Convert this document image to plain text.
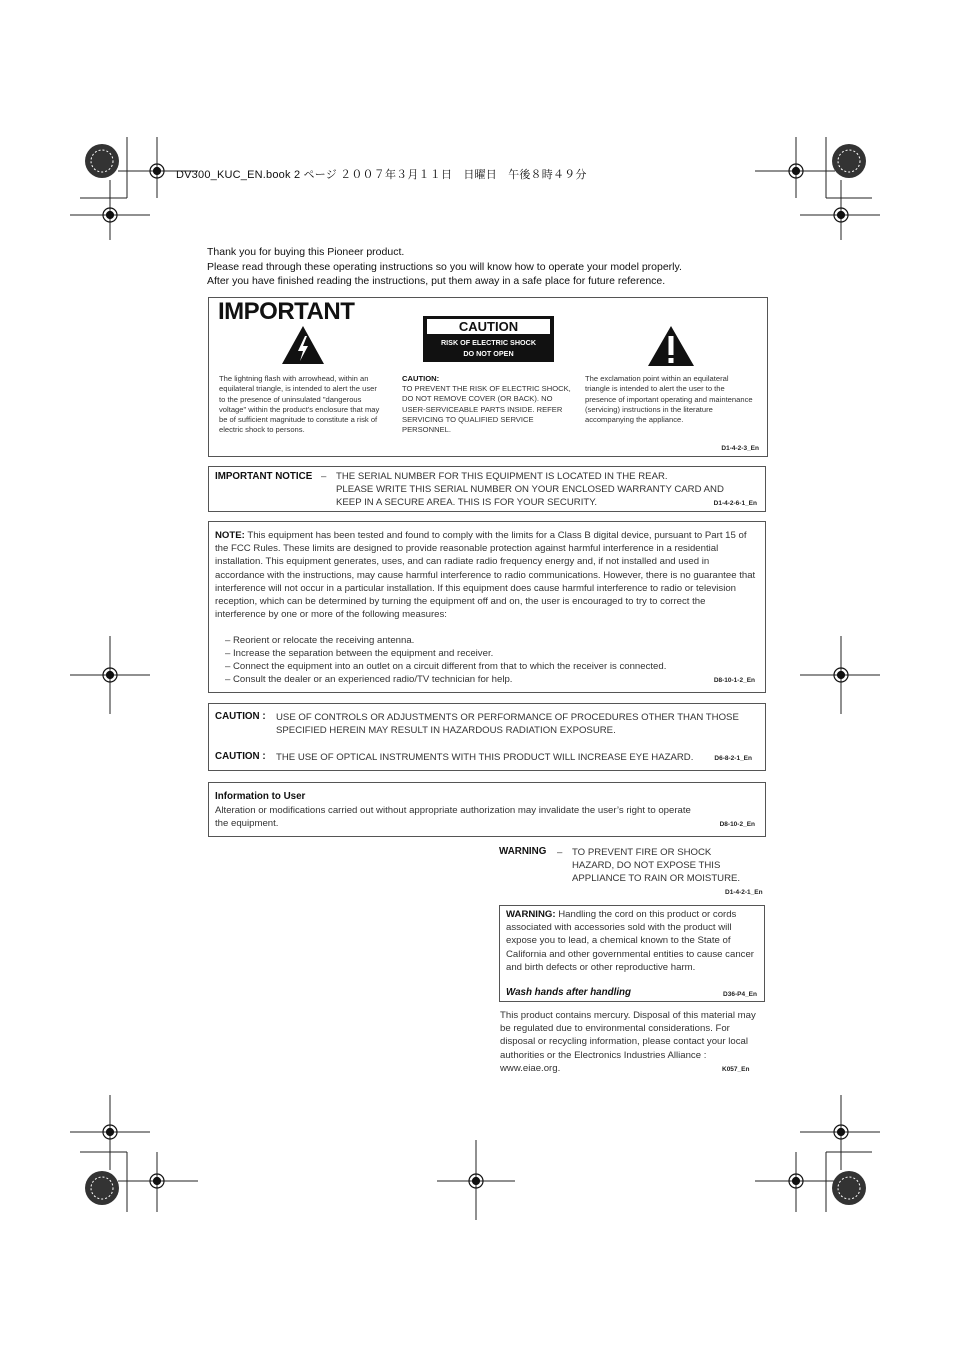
DV300_KUC_EN.book 2 ページ ２００７年３月１１日　日曜日　午後８時４９分
Thank you for buying this Pioneer product.
Please read through these operating instructions so you will know how to operate your model properly.
After you have finished reading the instructions, put them away in a safe place for future reference.
IMPORTANT
CAUTION
RISK OF ELECTRIC SHOCK
DO NOT OPEN
The lightning flash with arrowhead, within an equilateral triangle, is intended to alert the user to the presence of uninsulated "dangerous voltage" within the product's enclosure that may be of sufficient magnitude to constitute a risk of electric shock to persons.
CAUTION:
TO PREVENT THE RISK OF ELECTRIC SHOCK, DO NOT REMOVE COVER (OR BACK). NO USER-SERVICEABLE PARTS INSIDE. REFER SERVICING TO QUALIFIED SERVICE PERSONNEL.
The exclamation point within an equilateral triangle is intended to alert the user to the presence of important operating and maintenance (servicing) instructions in the literature accompanying the appliance.
D1-4-2-3_En
IMPORTANT NOTICE – THE SERIAL NUMBER FOR THIS EQUIPMENT IS LOCATED IN THE REAR.
PLEASE WRITE THIS SERIAL NUMBER ON YOUR ENCLOSED WARRANTY CARD AND
KEEP IN A SECURE AREA. THIS IS FOR YOUR SECURITY.	D1-4-2-6-1_En
NOTE: This equipment has been tested and found to comply with the limits for a Class B digital device, pursuant to Part 15 of the FCC Rules. These limits are designed to provide reasonable protection against harmful interference in a residential installation. This equipment generates, uses, and can radiate radio frequency energy and, if not installed and used in accordance with the instructions, may cause harmful interference to radio communications. However, there is no guarantee that interference will not occur in a particular installation. If this equipment does cause harmful interference to radio or television reception, which can be determined by turning the equipment off and on, the user is encouraged to try to correct the interference by one or more of the following measures:
– Reorient or relocate the receiving antenna.
– Increase the separation between the equipment and receiver.
– Connect the equipment into an outlet on a circuit different from that to which the receiver is connected.
– Consult the dealer or an experienced radio/TV technician for help.	D8-10-1-2_En
CAUTION : USE OF CONTROLS OR ADJUSTMENTS OR PERFORMANCE OF PROCEDURES OTHER THAN THOSE
SPECIFIED HEREIN MAY RESULT IN HAZARDOUS RADIATION EXPOSURE.
CAUTION : THE USE OF OPTICAL INSTRUMENTS WITH THIS PRODUCT WILL INCREASE EYE HAZARD.	D6-8-2-1_En
Information to User
Alteration or modifications carried out without appropriate authorization may invalidate the user’s right to operate
the equipment.	D8-10-2_En
WARNING – TO PREVENT FIRE OR SHOCK
HAZARD, DO NOT EXPOSE THIS
APPLIANCE TO RAIN OR MOISTURE.
D1-4-2-1_En
WARNING: Handling the cord on this product or cords associated with accessories sold with the product will expose you to lead, a chemical known to the State of California and other governmental entities to cause cancer and birth defects or other reproductive harm.
Wash hands after handling	D36-P4_En
This product contains mercury. Disposal of this material may be regulated due to environmental considerations. For disposal or recycling information, please contact your local authorities or the Electronics Industries Alliance : www.eiae.org.	K057_En
